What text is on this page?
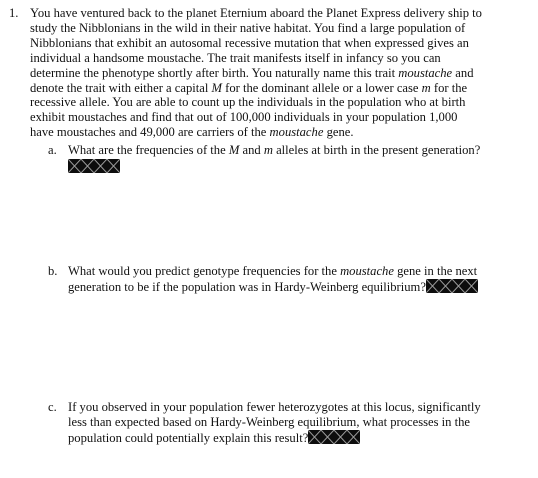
1. You have ventured back to the planet Eternium aboard the Planet Express delivery ship to
study the Nibblonians in the wild in their native habitat. You find a large population of
Nibblonians that exhibit an autosomal recessive mutation that when expressed gives an
individual a handsome moustache. The trait manifests itself in infancy so you can
determine the phenotype shortly after birth. You naturally name this trait moustache and
denote the trait with either a capital M for the dominant allele or a lower case m for the
recessive allele. You are able to count up the individuals in the population who at birth
exhibit moustaches and find that out of 100,000 individuals in your population 1,000
have moustaches and 49,000 are carriers of the moustache gene.
a. What are the frequencies of the M and m alleles at birth in the present generation?
b. What would you predict genotype frequencies for the moustache gene in the next
generation to be if the population was in Hardy-Weinberg equilibrium?
c. If you observed in your population fewer heterozygotes at this locus, significantly
less than expected based on Hardy-Weinberg equilibrium, what processes in the
population could potentially explain this result?
